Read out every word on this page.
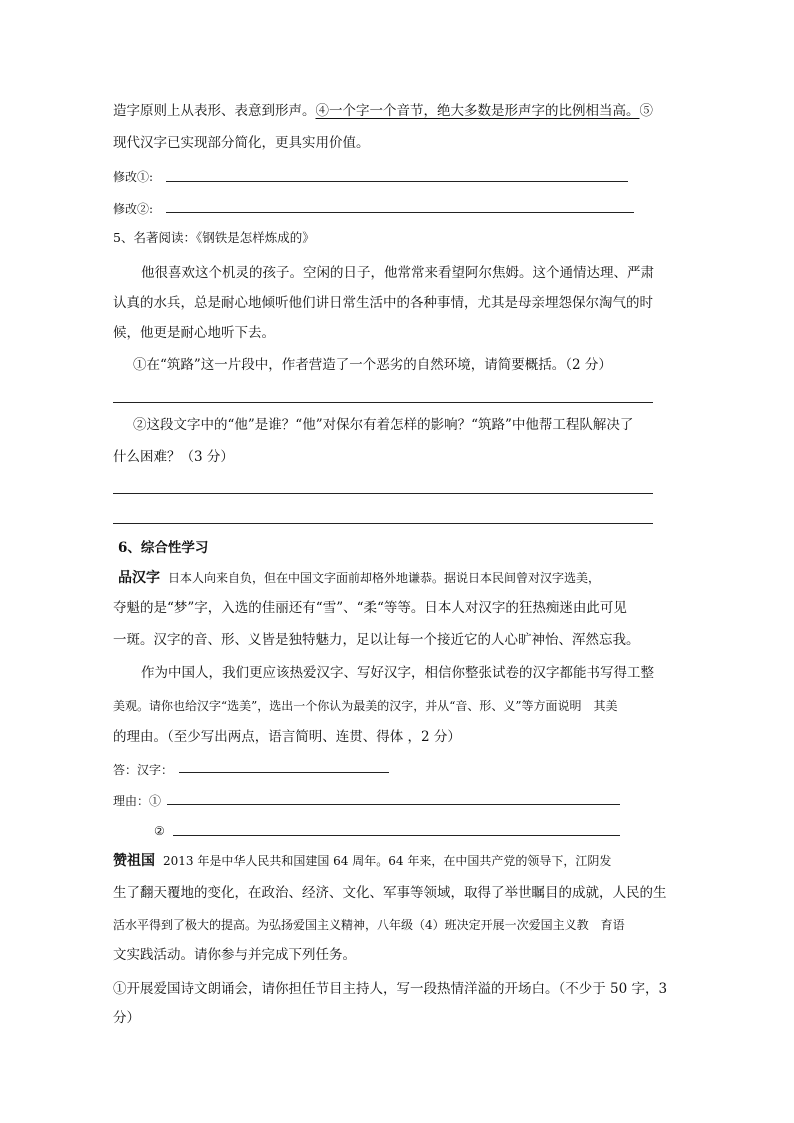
造字原则上从表形、表意到形声。④一个字一个音节，绝大多数是形声字的比例相当高。⑤
现代汉字已实现部分简化，更具实用价值。
修改①:
修改②:
5、名著阅读：《钢铁是怎样炼成的》
他很喜欢这个机灵的孩子。空闲的日子，他常常来看望阿尔焦姆。这个通情达理、严肃
认真的水兵，总是耐心地倾听他们讲日常生活中的各种事情，尤其是母亲埋怨保尔淘气的时
候，他更是耐心地听下去。
①在“筑路”这一片段中，作者营造了一个恶劣的自然环境，请简要概括。（2 分）
②这段文字中的“他”是谁？“他”对保尔有着怎样的影响？“筑路”中他帮工程队解决了
什么困难？（3 分）
6、综合性学习
品汉字 日本人向来自负，但在中国文字面前却格外地谦恭。据说日本民间曾对汉字选美，
夺魁的是“梦”字，入选的佳丽还有“雪”、“柔“等等。日本人对汉字的狂热痴迷由此可见
一斑。汉字的音、形、义皆是独特魅力，足以让每一个接近它的人心旷神怡、浑然忘我。
作为中国人，我们更应该热爱汉字、写好汉字，相信你整张试卷的汉字都能书写得工整
美观。请你也给汉字“选美”，选出一个你认为最美的汉字，并从“音、形、义”等方面说明　其美
的理由。（至少写出两点，语言简明、连贯、得体 ，2 分）
答：汉字：
理由：①
②
赞祖国 2013 年是中华人民共和国建国 64 周年。64 年来，在中国共产党的领导下，江阴发
生了翻天覆地的变化，在政治、经济、文化、军事等领域，取得了举世瞩目的成就，人民的生
活水平得到了极大的提高。为弘扬爱国主义精神，八年级（4）班决定开展一次爱国主义教　育语
文实践活动。请你参与并完成下列任务。
①开展爱国诗文朗诵会，请你担任节目主持人，写一段热情洋溢的开场白。（不少于 50 字，3
分）
